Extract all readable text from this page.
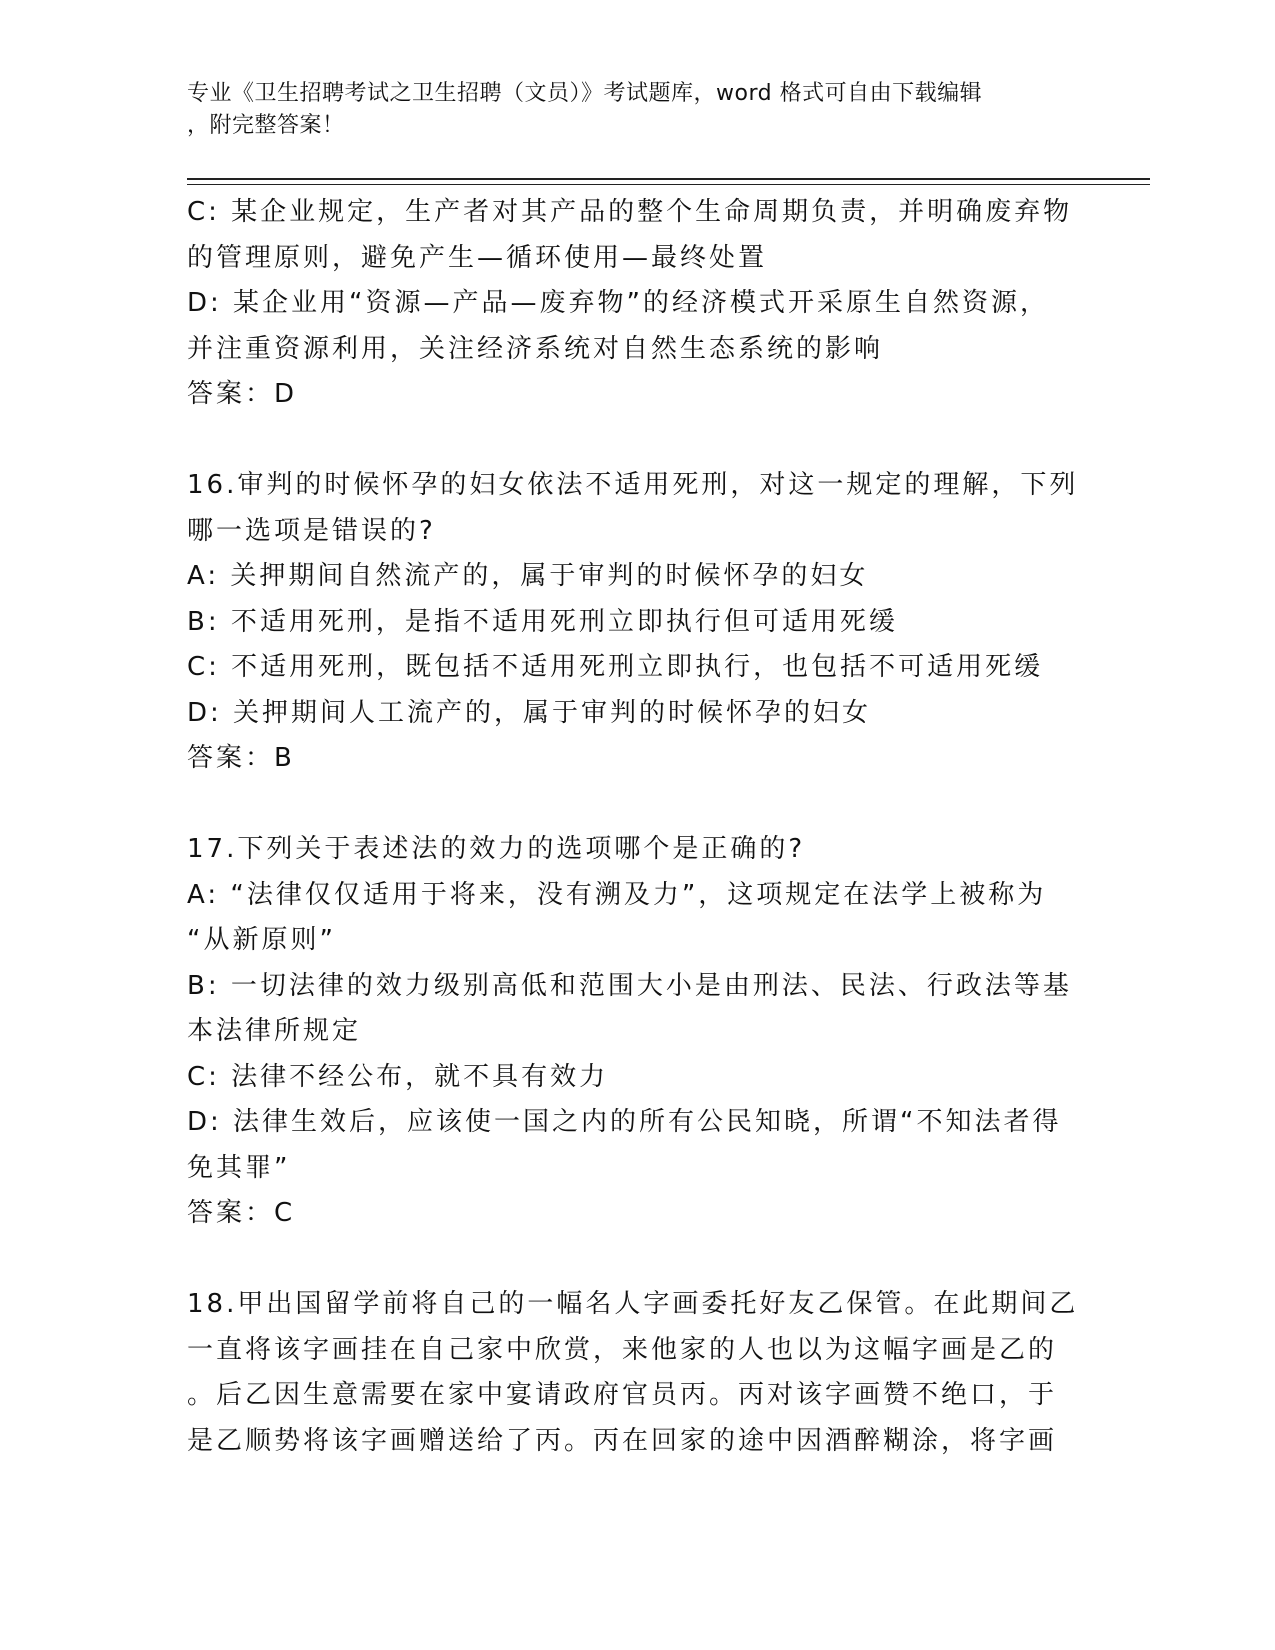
专业《卫生招聘考试之卫生招聘（文员）》考试题库，word 格式可自由下载编辑
，附完整答案！
C: 某企业规定，生产者对其产品的整个生命周期负责，并明确废弃物
的管理原则，避免产生—循环使用—最终处置
D: 某企业用“资源—产品—废弃物”的经济模式开采原生自然资源，
并注重资源利用，关注经济系统对自然生态系统的影响
答案：D
16.审判的时候怀孕的妇女依法不适用死刑，对这一规定的理解，下列
哪一选项是错误的?
A: 关押期间自然流产的，属于审判的时候怀孕的妇女
B: 不适用死刑，是指不适用死刑立即执行但可适用死缓
C: 不适用死刑，既包括不适用死刑立即执行，也包括不可适用死缓
D: 关押期间人工流产的，属于审判的时候怀孕的妇女
答案：B
17.下列关于表述法的效力的选项哪个是正确的?
A: “法律仅仅适用于将来，没有溯及力”，这项规定在法学上被称为
“从新原则”
B: 一切法律的效力级别高低和范围大小是由刑法、民法、行政法等基
本法律所规定
C: 法律不经公布，就不具有效力
D: 法律生效后，应该使一国之内的所有公民知晓，所谓“不知法者得
免其罪”
答案：C
18.甲出国留学前将自己的一幅名人字画委托好友乙保管。在此期间乙
一直将该字画挂在自己家中欣赏，来他家的人也以为这幅字画是乙的
。后乙因生意需要在家中宴请政府官员丙。丙对该字画赞不绝口，于
是乙顺势将该字画赠送给了丙。丙在回家的途中因酒醉糊涂，将字画
